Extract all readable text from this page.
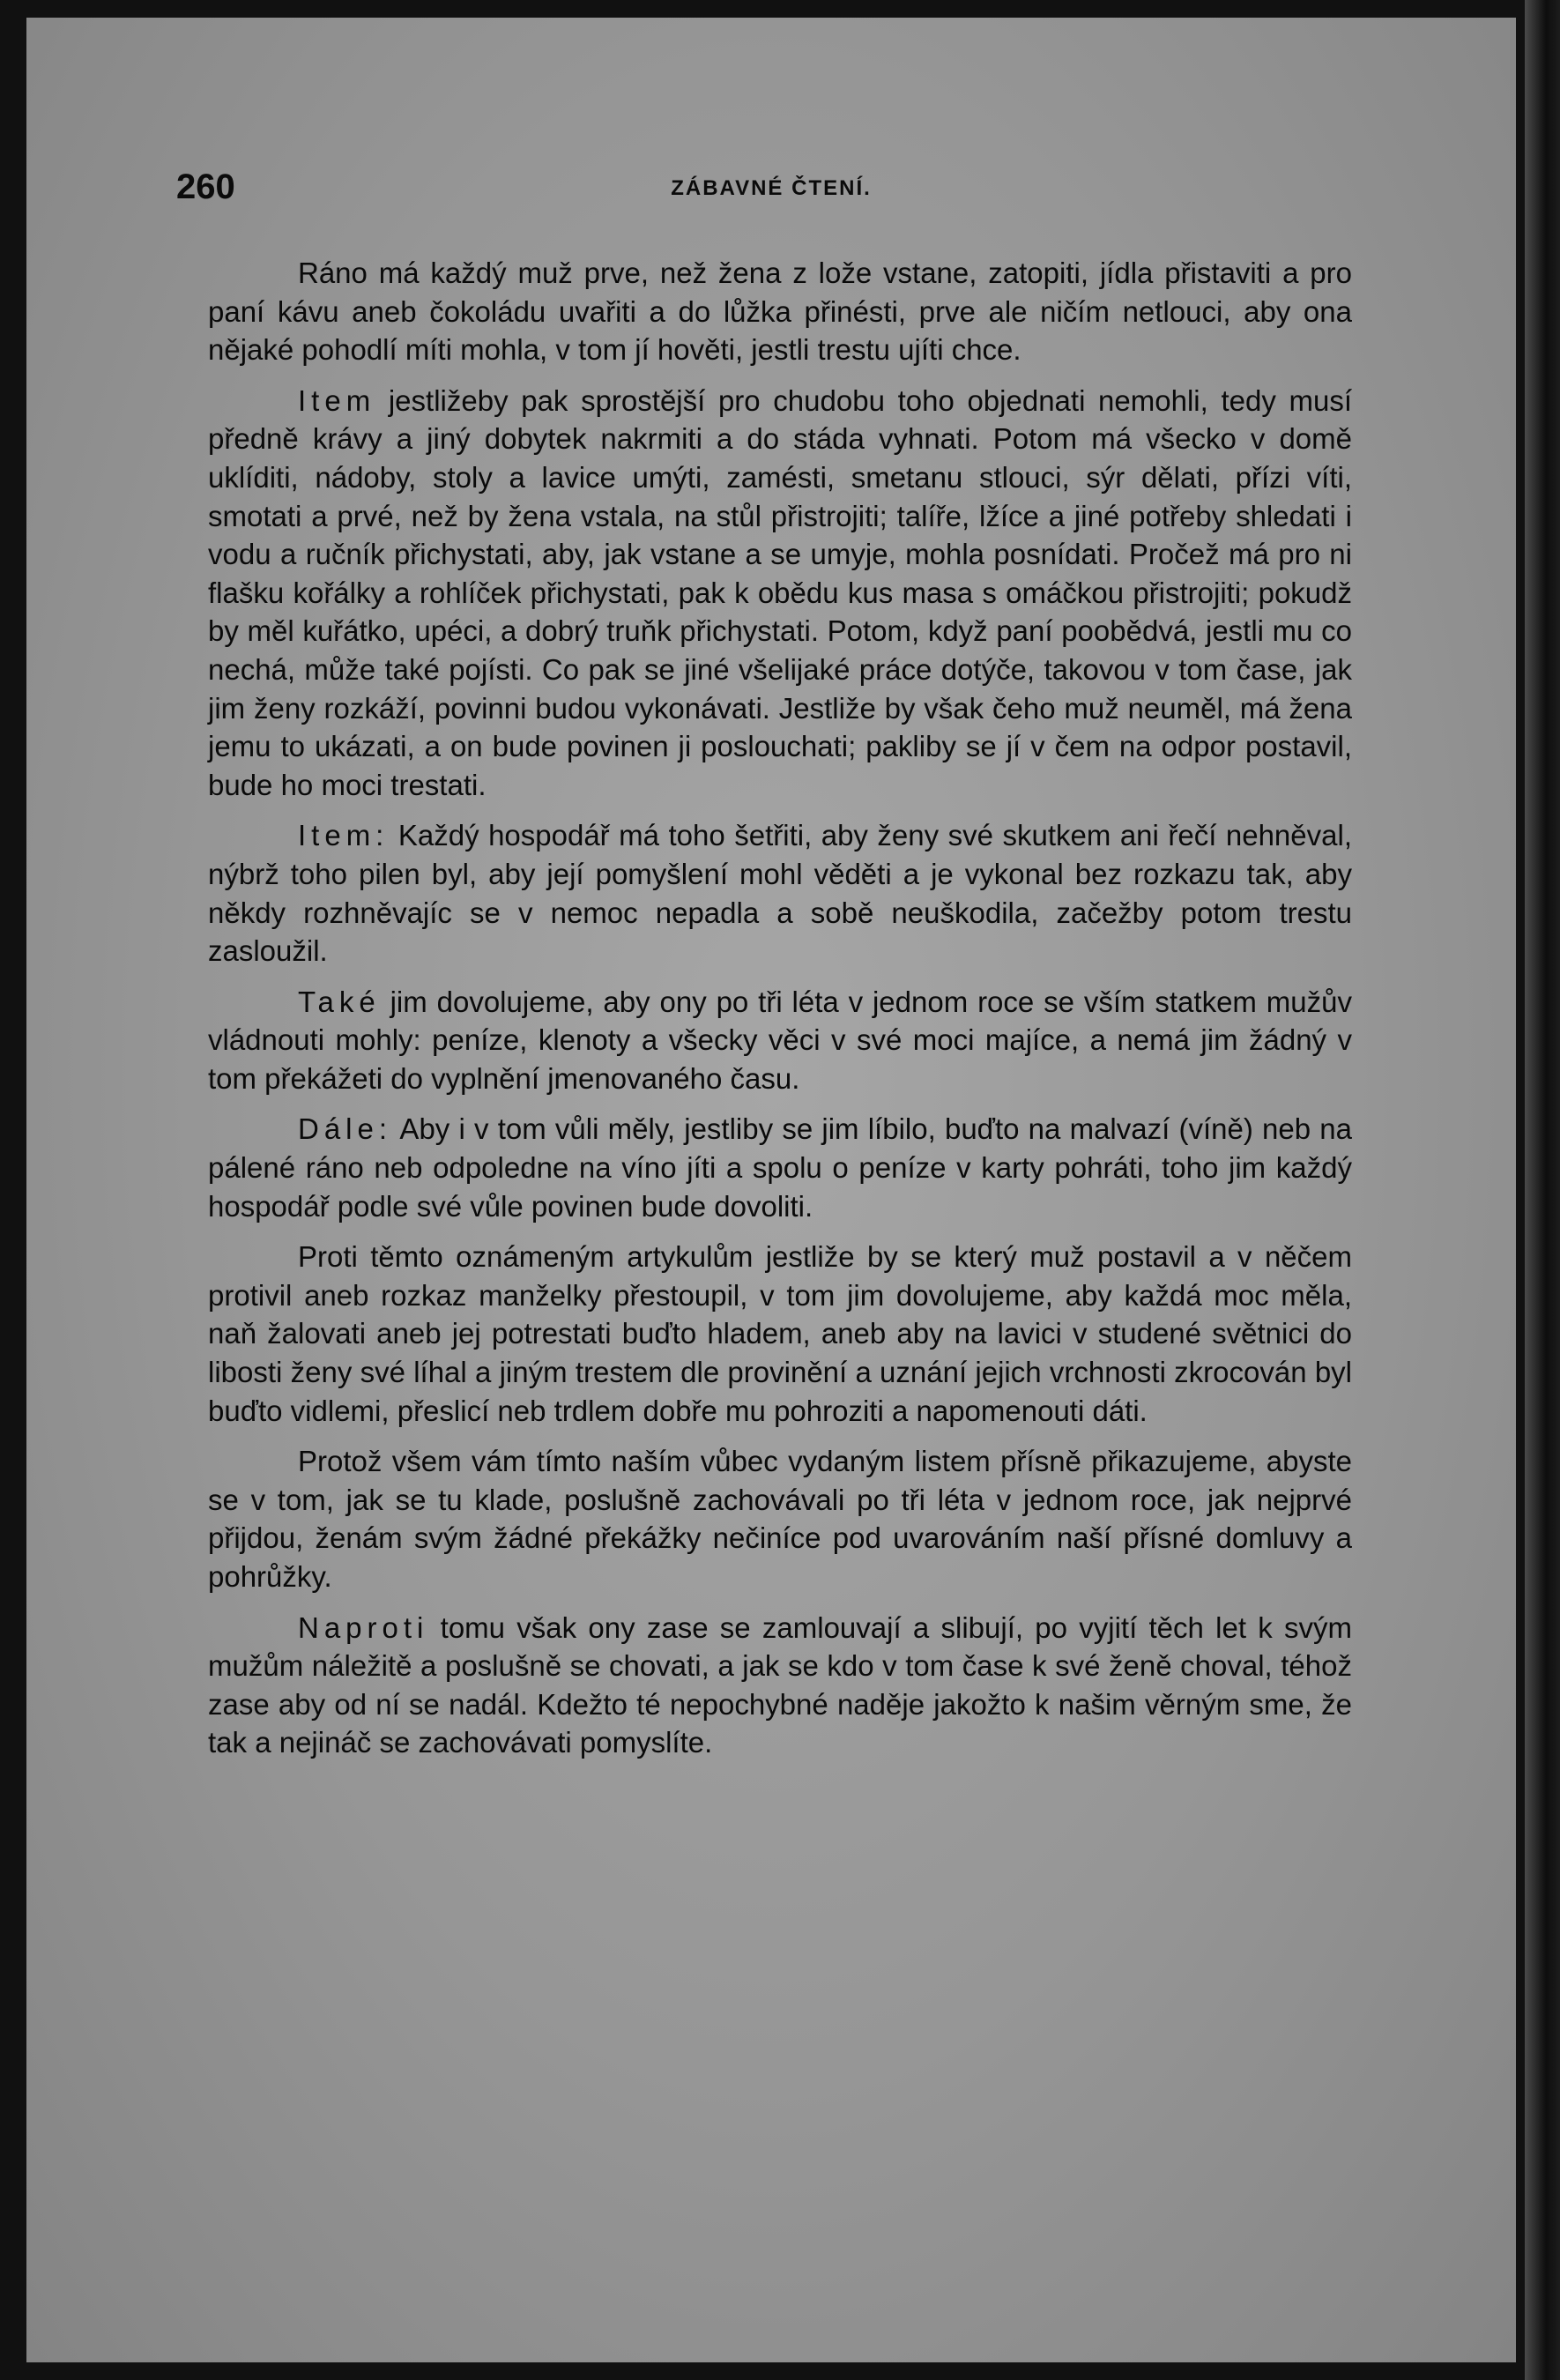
260	ZÁBAVNÉ ČTENÍ.

Ráno má každý muž prve, než žena z lože vstane, zatopiti, jídla přistaviti a pro paní kávu aneb čokoládu uvařiti a do lůžka přinésti, prve ale ničím netlouci, aby ona nějaké pohodlí míti mohla, v tom jí hověti, jestli trestu ujíti chce.

Item jestližeby pak sprostější pro chudobu toho objednati nemohli, tedy musí předně krávy a jiný dobytek nakrmiti a do stáda vyhnati. Potom má všecko v domě uklíditi, nádoby, stoly a lavice umýti, zamésti, smetanu stlouci, sýr dělati, přízi víti, smotati a prvé, než by žena vstala, na stůl přistrojiti; talíře, lžíce a jiné potřeby shledati i vodu a ručník přichystati, aby, jak vstane a se umyje, mohla posnídati. Pročež má pro ni flašku kořálky a rohlíček přichystati, pak k obědu kus masa s omáčkou přistrojiti; pokudž by měl kuřátko, upéci, a dobrý truňk přichystati. Potom, když paní poobědvá, jestli mu co nechá, může také pojísti. Co pak se jiné všelijaké práce dotýče, takovou v tom čase, jak jim ženy rozkáží, povinni budou vykonávati. Jestliže by však čeho muž neuměl, má žena jemu to ukázati, a on bude povinen ji poslouchati; pakliby se jí v čem na odpor postavil, bude ho moci trestati.

Item: Každý hospodář má toho šetřiti, aby ženy své skutkem ani řečí nehněval, nýbrž toho pilen byl, aby její pomyšlení mohl věděti a je vykonal bez rozkazu tak, aby někdy rozhněvajíc se v nemoc nepadla a sobě neuškodila, začežby potom trestu zasloužil.

Také jim dovolujeme, aby ony po tři léta v jednom roce se vším statkem mužův vládnouti mohly: peníze, klenoty a všecky věci v své moci majíce, a nemá jim žádný v tom překážeti do vyplnění jmenovaného času.

Dále: Aby i v tom vůli měly, jestliby se jim líbilo, buďto na malvazí (víně) neb na pálené ráno neb odpoledne na víno jíti a spolu o peníze v karty pohráti, toho jim každý hospodář podle své vůle povinen bude dovoliti.

Proti těmto oznámeným artykulům jestliže by se který muž postavil a v něčem protivil aneb rozkaz manželky přestoupil, v tom jim dovolujeme, aby každá moc měla, naň žalovati aneb jej potrestati buďto hladem, aneb aby na lavici v studené světnici do libosti ženy své líhal a jiným trestem dle provinění a uznání jejich vrchnosti zkrocován byl buďto vidlemi, přeslicí neb trdlem dobře mu pohroziti a napomenouti dáti.

Protož všem vám tímto naším vůbec vydaným listem přísně přikazujeme, abyste se v tom, jak se tu klade, poslušně zachovávali po tři léta v jednom roce, jak nejprvé přijdou, ženám svým žádné překážky nečiníce pod uvarováním naší přísné domluvy a pohrůžky.

Naproti tomu však ony zase se zamlouvají a slibují, po vyjití těch let k svým mužům náležitě a poslušně se chovati, a jak se kdo v tom čase k své ženě choval, téhož zase aby od ní se nadál. Kdežto té nepochybné naděje jakožto k našim věrným sme, že tak a nejináč se zachovávati pomyslíte.
